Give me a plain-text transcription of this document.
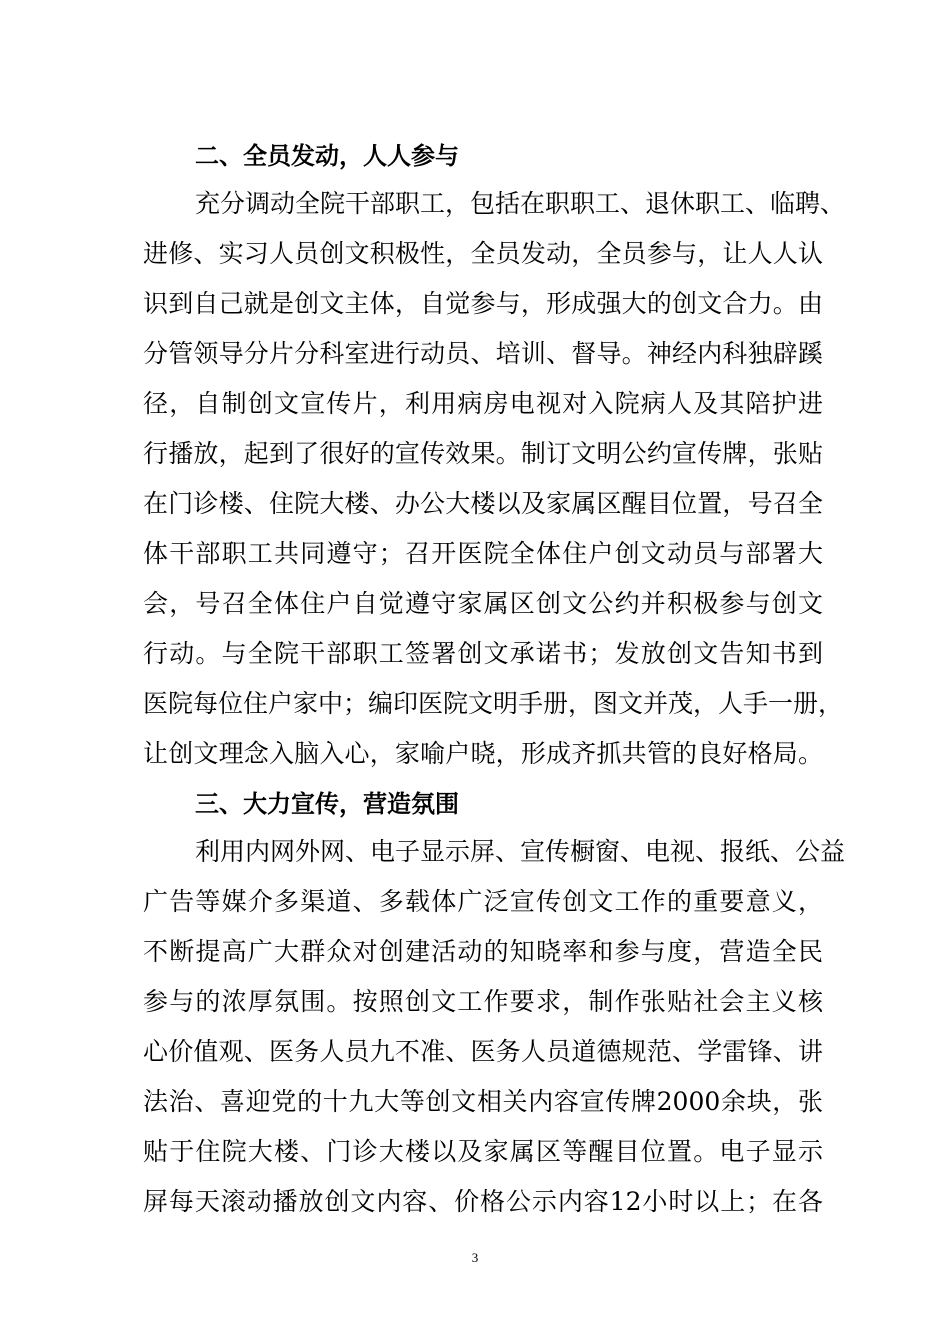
二、全员发动，人人参与
充分调动全院干部职工，包括在职职工、退休职工、临聘、
进修、实习人员创文积极性，全员发动，全员参与，让人人认
识到自己就是创文主体，自觉参与，形成强大的创文合力。由
分管领导分片分科室进行动员、培训、督导。神经内科独辟蹊
径，自制创文宣传片，利用病房电视对入院病人及其陪护进
行播放，起到了很好的宣传效果。制订文明公约宣传牌，张贴
在门诊楼、住院大楼、办公大楼以及家属区醒目位置，号召全
体干部职工共同遵守；召开医院全体住户创文动员与部署大
会，号召全体住户自觉遵守家属区创文公约并积极参与创文
行动。与全院干部职工签署创文承诺书；发放创文告知书到
医院每位住户家中；编印医院文明手册，图文并茂，人手一册，
让创文理念入脑入心，家喻户晓，形成齐抓共管的良好格局。
三、大力宣传，营造氛围
利用内网外网、电子显示屏、宣传橱窗、电视、报纸、公益
广告等媒介多渠道、多载体广泛宣传创文工作的重要意义，
不断提高广大群众对创建活动的知晓率和参与度，营造全民
参与的浓厚氛围。按照创文工作要求，制作张贴社会主义核
心价值观、医务人员九不准、医务人员道德规范、学雷锋、讲
法治、喜迎党的十九大等创文相关内容宣传牌2000余块，张
贴于住院大楼、门诊大楼以及家属区等醒目位置。电子显示
屏每天滚动播放创文内容、价格公示内容12小时以上；在各
3
